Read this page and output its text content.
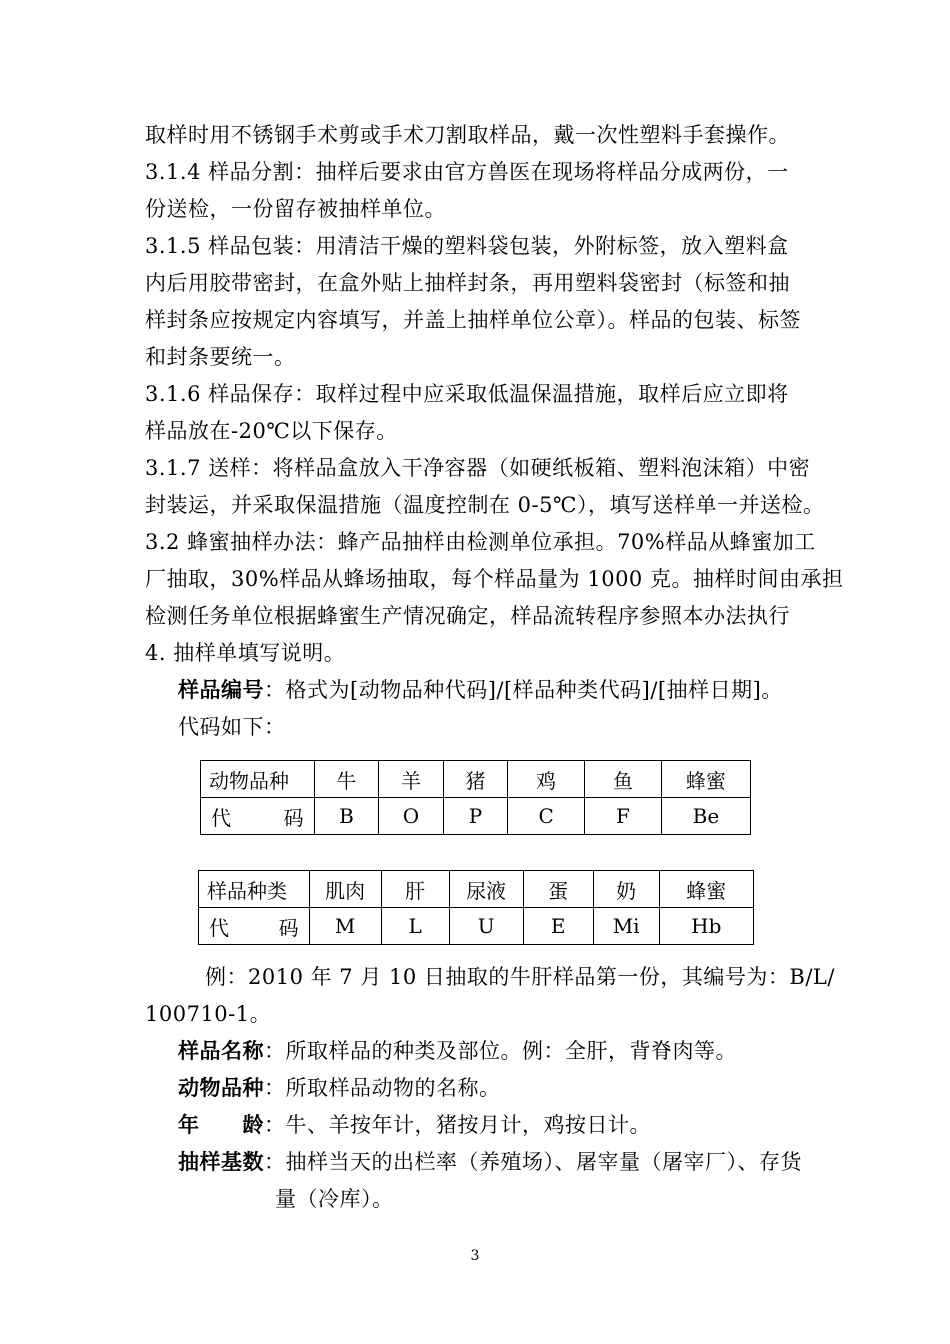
取样时用不锈钢手术剪或手术刀割取样品，戴一次性塑料手套操作。
3.1.4 样品分割：抽样后要求由官方兽医在现场将样品分成两份，一
份送检，一份留存被抽样单位。
3.1.5 样品包装：用清洁干燥的塑料袋包装，外附标签，放入塑料盒
内后用胶带密封，在盒外贴上抽样封条，再用塑料袋密封（标签和抽
样封条应按规定内容填写，并盖上抽样单位公章）。样品的包装、标签
和封条要统一。
3.1.6 样品保存：取样过程中应采取低温保温措施，取样后应立即将
样品放在-20℃以下保存。
3.1.7 送样：将样品盒放入干净容器（如硬纸板箱、塑料泡沫箱）中密
封装运，并采取保温措施（温度控制在 0-5℃），填写送样单一并送检。
3.2 蜂蜜抽样办法：蜂产品抽样由检测单位承担。70%样品从蜂蜜加工
厂抽取，30%样品从蜂场抽取，每个样品量为 1000 克。抽样时间由承担
检测任务单位根据蜂蜜生产情况确定，样品流转程序参照本办法执行
4. 抽样单填写说明。
样品编号：格式为[动物品种代码]/[样品种类代码]/[抽样日期]。
代码如下：
动物品种	牛	羊	猪	鸡	鱼	蜂蜜
代码	B	O	P	C	F	Be
样品种类	肌肉	肝	尿液	蛋	奶	蜂蜜
代码	M	L	U	E	Mi	Hb
例：2010 年 7 月 10 日抽取的牛肝样品第一份，其编号为：B/L/
100710-1。
样品名称：所取样品的种类及部位。例：全肝，背脊肉等。
动物品种：所取样品动物的名称。
年　　龄：牛、羊按年计，猪按月计，鸡按日计。
抽样基数：抽样当天的出栏率（养殖场）、屠宰量（屠宰厂）、存货
量（冷库）。
3
